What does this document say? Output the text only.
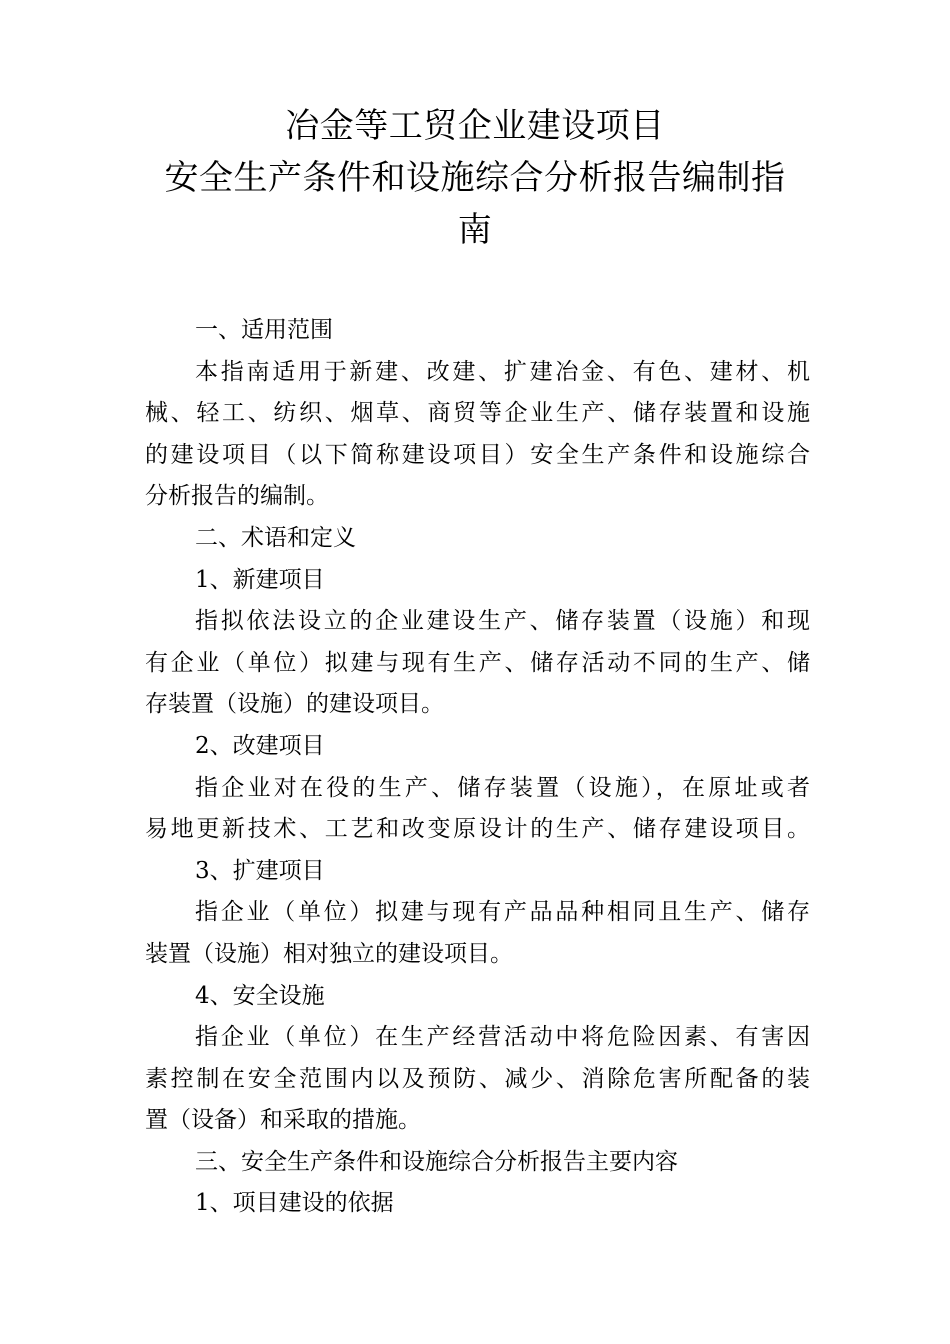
冶金等工贸企业建设项目
安全生产条件和设施综合分析报告编制指
南
一、适用范围
本指南适用于新建、改建、扩建冶金、有色、建材、机
械、轻工、纺织、烟草、商贸等企业生产、储存装置和设施
的建设项目（以下简称建设项目）安全生产条件和设施综合
分析报告的编制。
二、术语和定义
1、新建项目
指拟依法设立的企业建设生产、储存装置（设施）和现
有企业（单位）拟建与现有生产、储存活动不同的生产、储
存装置（设施）的建设项目。
2、改建项目
指企业对在役的生产、储存装置（设施），在原址或者
易地更新技术、工艺和改变原设计的生产、储存建设项目。
3、扩建项目
指企业（单位）拟建与现有产品品种相同且生产、储存
装置（设施）相对独立的建设项目。
4、安全设施
指企业（单位）在生产经营活动中将危险因素、有害因
素控制在安全范围内以及预防、减少、消除危害所配备的装
置（设备）和采取的措施。
三、安全生产条件和设施综合分析报告主要内容
1、项目建设的依据
